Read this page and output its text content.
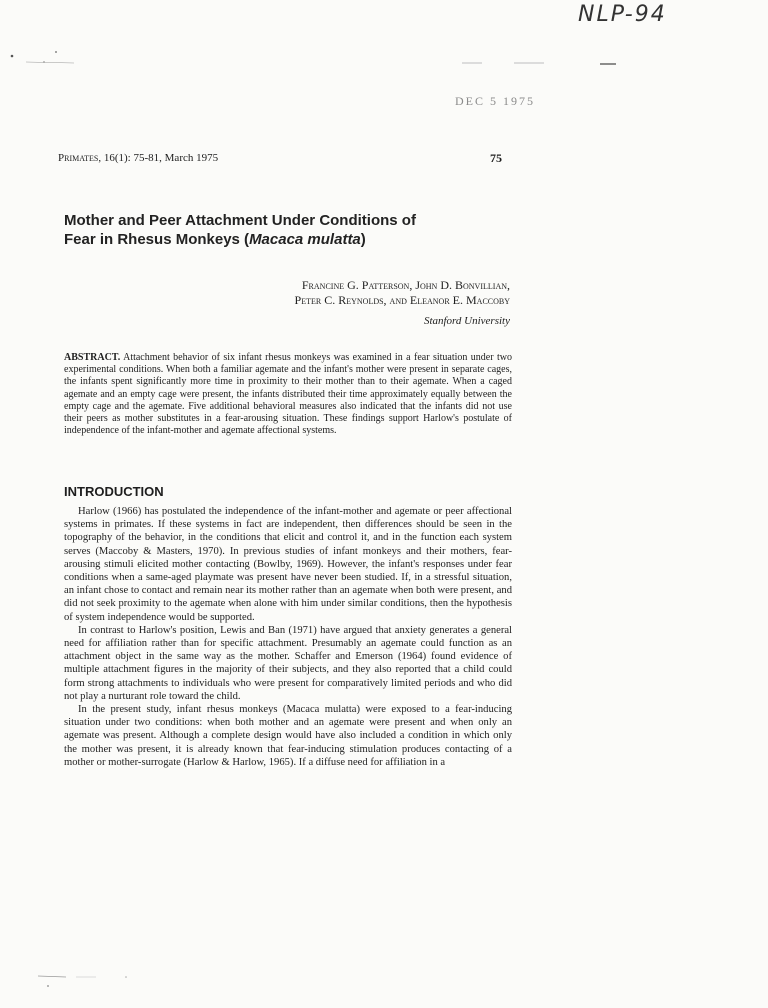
NLP-94
DEC 5 1975
Primates, 16(1): 75-81, March 1975	75
Mother and Peer Attachment Under Conditions of
Fear in Rhesus Monkeys (Macaca mulatta)
Francine G. Patterson, John D. Bonvillian,
Peter C. Reynolds, and Eleanor E. Maccoby
Stanford University
ABSTRACT. Attachment behavior of six infant rhesus monkeys was examined in a fear situation under two experimental conditions. When both a familiar agemate and the infant's mother were present in separate cages, the infants spent significantly more time in proximity to their mother than to their agemate. When a caged agemate and an empty cage were present, the infants distributed their time approximately equally between the empty cage and the agemate. Five additional behavioral measures also indicated that the infants did not use their peers as mother substitutes in a fear-arousing situation. These findings support Harlow's postulate of independence of the infant-mother and agemate affectional systems.
INTRODUCTION

Harlow (1966) has postulated the independence of the infant-mother and agemate or peer affectional systems in primates. If these systems in fact are independent, then differences should be seen in the topography of the behavior, in the conditions that elicit and control it, and in the function each system serves (Maccoby & Masters, 1970). In previous studies of infant monkeys and their mothers, fear-arousing stimuli elicited mother contacting (Bowlby, 1969). However, the infant's responses under fear conditions when a same-aged playmate was present have never been studied. If, in a stressful situation, an infant chose to contact and remain near its mother rather than an agemate when both were present, and did not seek proximity to the agemate when alone with him under similar conditions, then the hypothesis of system independence would be supported.

In contrast to Harlow's position, Lewis and Ban (1971) have argued that anxiety generates a general need for affiliation rather than for specific attachment. Presumably an agemate could function as an attachment object in the same way as the mother. Schaffer and Emerson (1964) found evidence of multiple attachment figures in the majority of their subjects, and they also reported that a child could form strong attachments to individuals who were present for comparatively limited periods and who did not play a nurturant role toward the child.

In the present study, infant rhesus monkeys (Macaca mulatta) were exposed to a fear-inducing situation under two conditions: when both mother and an agemate were present and when only an agemate was present. Although a complete design would have also included a condition in which only the mother was present, it is already known that fear-inducing stimulation produces contacting of a mother or mother-surrogate (Harlow & Harlow, 1965). If a diffuse need for affiliation in a
